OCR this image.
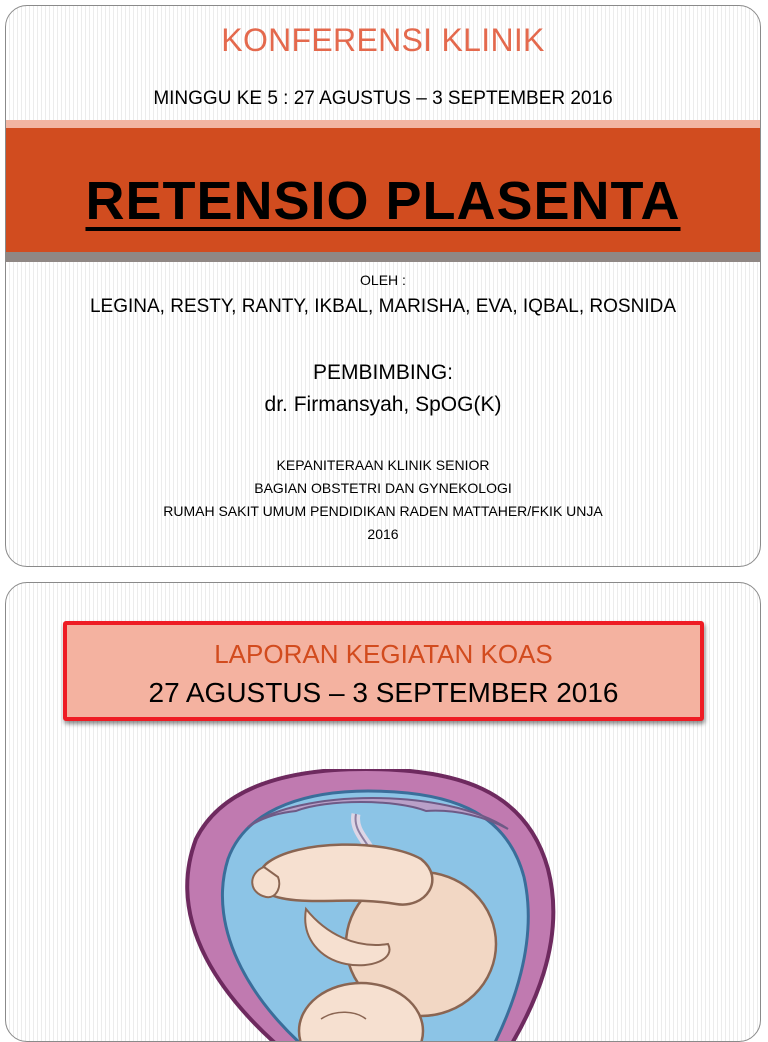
KONFERENSI KLINIK
MINGGU KE 5 : 27 AGUSTUS – 3 SEPTEMBER 2016
RETENSIO PLASENTA
OLEH :
LEGINA, RESTY, RANTY, IKBAL, MARISHA, EVA, IQBAL, ROSNIDA
PEMBIMBING:
dr. Firmansyah, SpOG(K)
KEPANITERAAN KLINIK SENIOR
BAGIAN OBSTETRI DAN GYNEKOLOGI
RUMAH SAKIT UMUM PENDIDIKAN RADEN MATTAHER/FKIK UNJA
2016
LAPORAN KEGIATAN KOAS
27 AGUSTUS – 3 SEPTEMBER 2016
